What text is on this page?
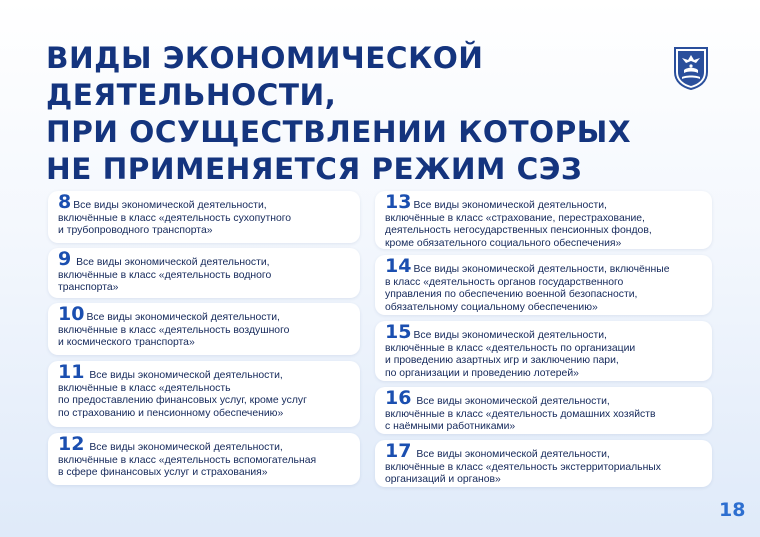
ВИДЫ ЭКОНОМИЧЕСКОЙ
ДЕЯТЕЛЬНОСТИ,
ПРИ ОСУЩЕСТВЛЕНИИ КОТОРЫХ
НЕ ПРИМЕНЯЕТСЯ РЕЖИМ СЭЗ
8 Все виды экономической деятельности,
включённые в класс «деятельность сухопутного
и трубопроводного транспорта»
9 Все виды экономической деятельности,
включённые в класс «деятельность водного
транспорта»
10 Все виды экономической деятельности,
включённые в класс «деятельность воздушного
и космического транспорта»
11 Все виды экономической деятельности,
включённые в класс «деятельность
по предоставлению финансовых услуг, кроме услуг
по страхованию и пенсионному обеспечению»
12 Все виды экономической деятельности,
включённые в класс «деятельность вспомогательная
в сфере финансовых услуг и страхования»
13 Все виды экономической деятельности,
включённые в класс «страхование, перестрахование,
деятельность негосударственных пенсионных фондов,
кроме обязательного социального обеспечения»
14 Все виды экономической деятельности, включённые
в класс «деятельность органов государственного
управления по обеспечению военной безопасности,
обязательному социальному обеспечению»
15 Все виды экономической деятельности,
включённые в класс «деятельность по организации
и проведению азартных игр и заключению пари,
по организации и проведению лотерей»
16 Все виды экономической деятельности,
включённые в класс «деятельность домашних хозяйств
с наёмными работниками»
17 Все виды экономической деятельности,
включённые в класс «деятельность экстерриториальных
организаций и органов»
18
